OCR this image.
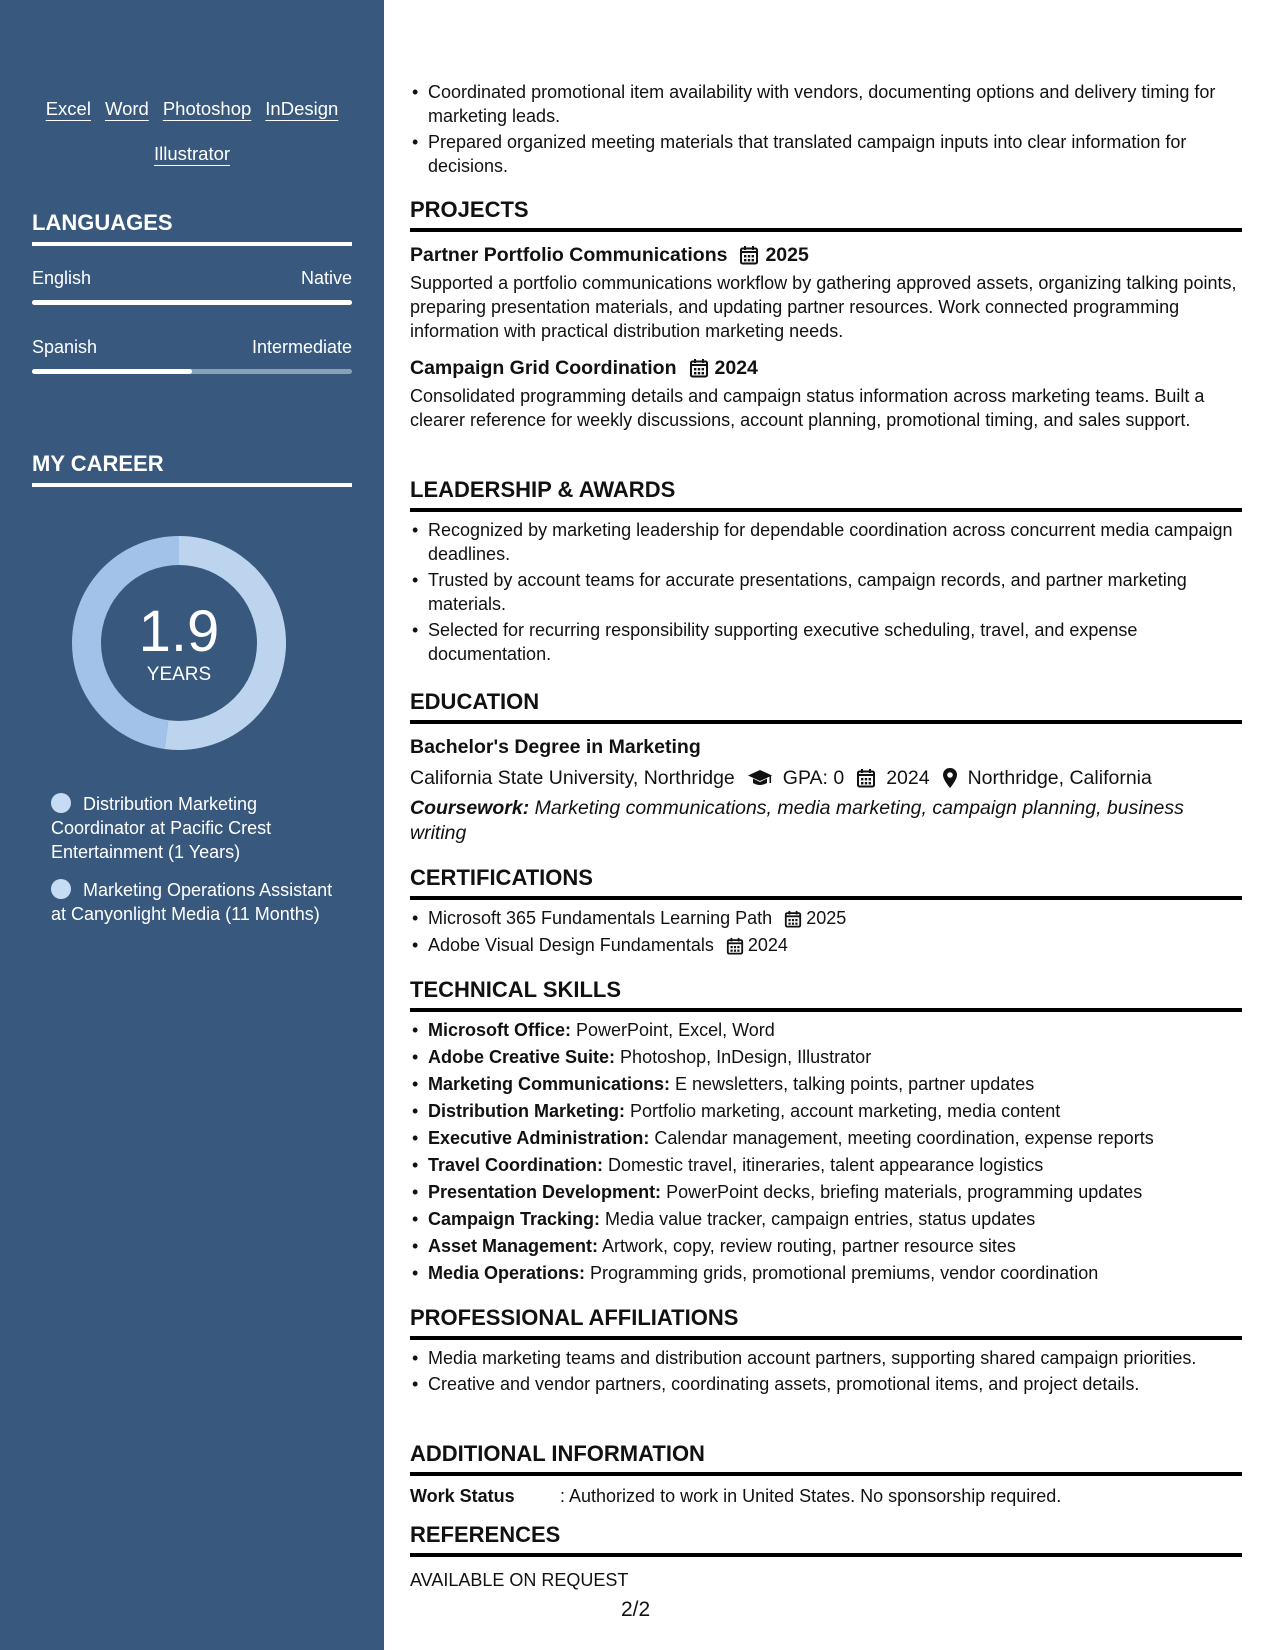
Excel Word Photoshop InDesign
Illustrator
LANGUAGES
English	Native
Spanish	Intermediate
MY CAREER
1.9
YEARS
Distribution Marketing Coordinator at Pacific Crest Entertainment (1 Years)
Marketing Operations Assistant at Canyonlight Media (11 Months)
• Coordinated promotional item availability with vendors, documenting options and delivery timing for marketing leads.
• Prepared organized meeting materials that translated campaign inputs into clear information for decisions.
PROJECTS
Partner Portfolio Communications 2025
Supported a portfolio communications workflow by gathering approved assets, organizing talking points, preparing presentation materials, and updating partner resources. Work connected programming information with practical distribution marketing needs.
Campaign Grid Coordination 2024
Consolidated programming details and campaign status information across marketing teams. Built a clearer reference for weekly discussions, account planning, promotional timing, and sales support.
LEADERSHIP & AWARDS
• Recognized by marketing leadership for dependable coordination across concurrent media campaign deadlines.
• Trusted by account teams for accurate presentations, campaign records, and partner marketing materials.
• Selected for recurring responsibility supporting executive scheduling, travel, and expense documentation.
EDUCATION
Bachelor's Degree in Marketing
California State University, Northridge GPA: 0 2024 Northridge, California
Coursework: Marketing communications, media marketing, campaign planning, business writing
CERTIFICATIONS
• Microsoft 365 Fundamentals Learning Path 2025
• Adobe Visual Design Fundamentals 2024
TECHNICAL SKILLS
• Microsoft Office: PowerPoint, Excel, Word
• Adobe Creative Suite: Photoshop, InDesign, Illustrator
• Marketing Communications: E newsletters, talking points, partner updates
• Distribution Marketing: Portfolio marketing, account marketing, media content
• Executive Administration: Calendar management, meeting coordination, expense reports
• Travel Coordination: Domestic travel, itineraries, talent appearance logistics
• Presentation Development: PowerPoint decks, briefing materials, programming updates
• Campaign Tracking: Media value tracker, campaign entries, status updates
• Asset Management: Artwork, copy, review routing, partner resource sites
• Media Operations: Programming grids, promotional premiums, vendor coordination
PROFESSIONAL AFFILIATIONS
• Media marketing teams and distribution account partners, supporting shared campaign priorities.
• Creative and vendor partners, coordinating assets, promotional items, and project details.
ADDITIONAL INFORMATION
Work Status	: Authorized to work in United States. No sponsorship required.
REFERENCES
AVAILABLE ON REQUEST
2/2
